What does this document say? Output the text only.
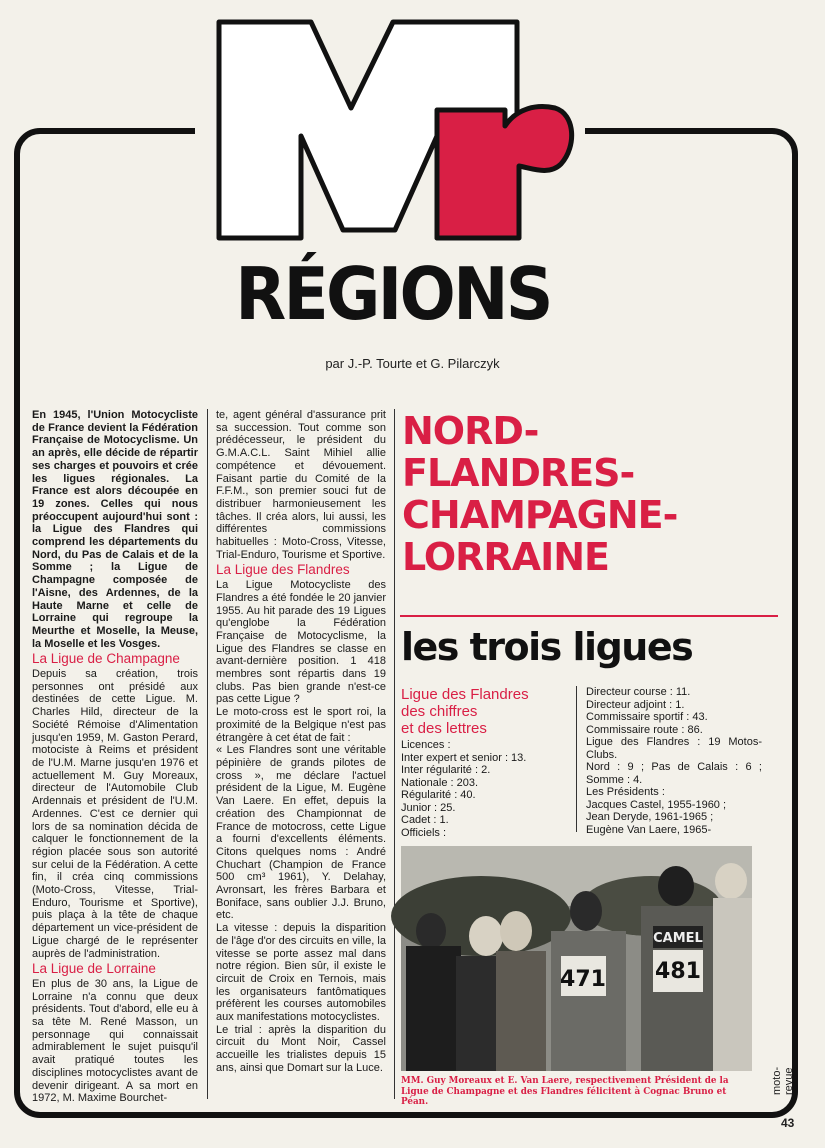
MF
RÉGIONS
par J.-P. Tourte et G. Pilarczyk

En 1945, l'Union Motocycliste de France devient la Fédération Française de Motocyclisme. Un an après, elle décide de répartir ses charges et pouvoirs et crée les ligues régionales. La France est alors découpée en 19 zones. Celles qui nous préoccupent aujourd'hui sont : la Ligue des Flandres qui comprend les départements du Nord, du Pas de Calais et de la Somme ; la Ligue de Champagne composée de l'Aisne, des Ardennes, de la Haute Marne et celle de Lorraine qui regroupe la Meurthe et Moselle, la Meuse, la Moselle et les Vosges.

La Ligue de Champagne

Depuis sa création, trois personnes ont présidé aux destinées de cette Ligue. M. Charles Hild, directeur de la Société Rémoise d'Alimentation jusqu'en 1959, M. Gaston Perard, motociste à Reims et président de l'U.M. Marne jusqu'en 1976 et actuellement M. Guy Moreaux, directeur de l'Automobile Club Ardennais et président de l'U.M. Ardennes. C'est ce dernier qui lors de sa nomination décida de calquer le fonctionnement de la région placée sous son autorité sur celui de la Fédération. A cette fin, il créa cinq commissions (Moto-Cross, Vitesse, Trial-Enduro, Tourisme et Sportive), puis plaça à la tête de chaque département un vice-président de Ligue chargé de le représenter auprès de l'administration.

La Ligue de Lorraine

En plus de 30 ans, la Ligue de Lorraine n'a connu que deux présidents. Tout d'abord, elle eu à sa tête M. René Masson, un personnage qui connaissait admirablement le sujet puisqu'il avait pratiqué toutes les disciplines motocyclistes avant de devenir dirigeant. A sa mort en 1972, M. Maxime Bourchet-

te, agent général d'assurance prit sa succession. Tout comme son prédécesseur, le président du G.M.A.C.L. Saint Mihiel allie compétence et dévouement. Faisant partie du Comité de la F.F.M., son premier souci fut de distribuer harmonieusement les tâches. Il créa alors, lui aussi, les différentes commissions habituelles : Moto-Cross, Vitesse, Trial-Enduro, Tourisme et Sportive.

La Ligue des Flandres

La Ligue Motocycliste des Flandres a été fondée le 20 janvier 1955. Au hit parade des 19 Ligues qu'englobe la Fédération Française de Motocyclisme, la Ligue des Flandres se classe en avant-dernière position. 1 418 membres sont répartis dans 19 clubs. Pas bien grande n'est-ce pas cette Ligue ?

Le moto-cross est le sport roi, la proximité de la Belgique n'est pas étrangère à cet état de fait :

« Les Flandres sont une véritable pépinière de grands pilotes de cross », me déclare l'actuel président de la Ligue, M. Eugène Van Laere. En effet, depuis la création des Championnat de France de motocross, cette Ligue a fourni d'excellents éléments. Citons quelques noms : André Chuchart (Champion de France 500 cm³ 1961), Y. Delahay, Avronsart, les frères Barbara et Boniface, sans oublier J.J. Bruno, etc.

La vitesse : depuis la disparition de l'âge d'or des circuits en ville, la vitesse se porte assez mal dans notre région. Bien sûr, il existe le circuit de Croix en Ternois, mais les organisateurs fantômatiques préfèrent les courses automobiles aux manifestations motocyclistes.

Le trial : après la disparition du circuit du Mont Noir, Cassel accueille les trialistes depuis 15 ans, ainsi que Domart sur la Luce.

NORD-
FLANDRES-
CHAMPAGNE-
LORRAINE
les trois ligues
Ligue des Flandres
des chiffres
et des lettres

Licences :

Inter expert et senior : 13.

Inter régularité : 2.

Nationale : 203.

Régularité : 40.

Junior : 25.

Cadet : 1.

Officiels :

Directeur course : 11.

Directeur adjoint : 1.

Commissaire sportif : 43.

Commissaire route : 86.

Ligue des Flandres : 19 Motos-Clubs.

Nord : 9 ; Pas de Calais : 6 ; Somme : 4.

Les Présidents :

Jacques Castel, 1955-1960 ;

Jean Deryde, 1961-1965 ;

Eugène Van Laere, 1965-

471
CAMEL
481
MM. Guy Moreaux et E. Van Laere, respectivement Président de la Ligue de Champagne et des Flandres félicitent à Cognac Bruno et Péan.
moto-revue
43
